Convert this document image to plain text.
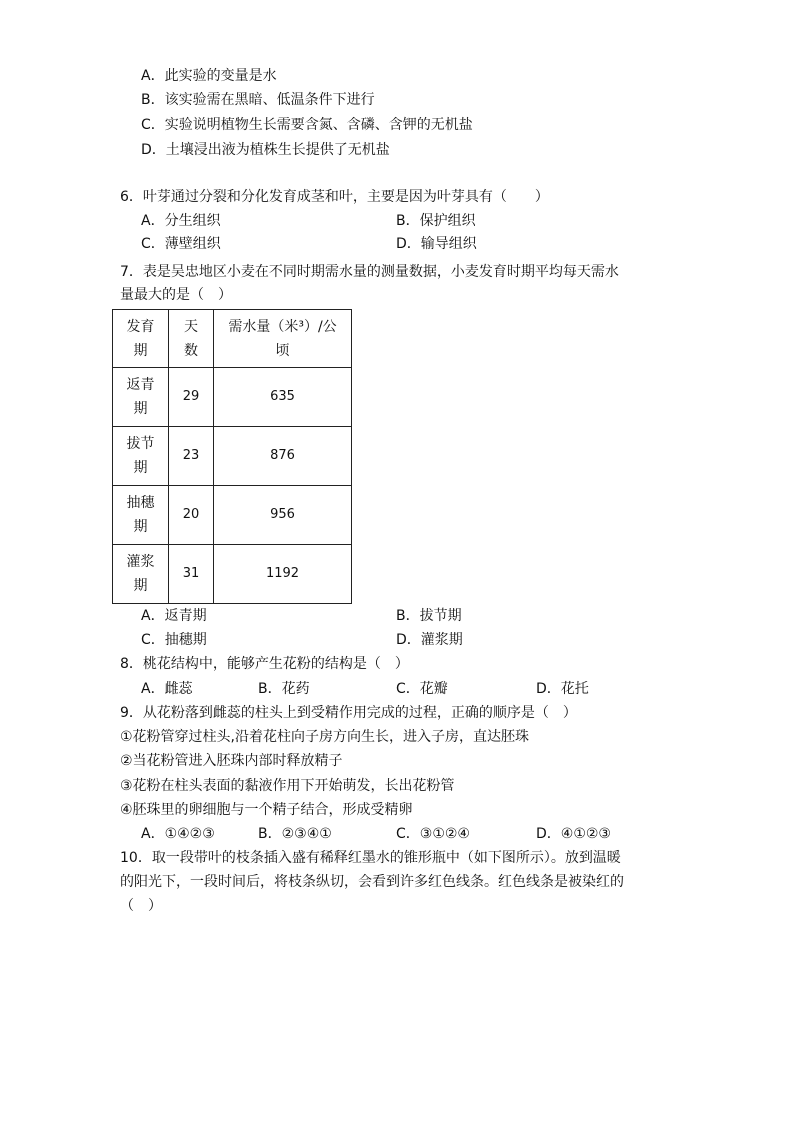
A．此实验的变量是水
B．该实验需在黑暗、低温条件下进行
C．实验说明植物生长需要含氮、含磷、含钾的无机盐
D．土壤浸出液为植株生长提供了无机盐
6．叶芽通过分裂和分化发育成茎和叶，主要是因为叶芽具有（　　）
A．分生组织	B．保护组织
C．薄壁组织	D．输导组织
7．表是吴忠地区小麦在不同时期需水量的测量数据，小麦发育时期平均每天需水
量最大的是（　）
发育期	天数	需水量（米³）/公顷
返青期	29	635
拔节期	23	876
抽穗期	20	956
灌浆期	31	1192
A．返青期	B．拔节期
C．抽穗期	D．灌浆期
8．桃花结构中，能够产生花粉的结构是（　）
A．雌蕊	B．花药	C．花瓣	D．花托
9．从花粉落到雌蕊的柱头上到受精作用完成的过程，正确的顺序是（　）
①花粉管穿过柱头,沿着花柱向子房方向生长，进入子房，直达胚珠
②当花粉管进入胚珠内部时释放精子
③花粉在柱头表面的黏液作用下开始萌发，长出花粉管
④胚珠里的卵细胞与一个精子结合，形成受精卵
A．①④②③	B．②③④①	C．③①②④	D．④①②③
10．取一段带叶的枝条插入盛有稀释红墨水的锥形瓶中（如下图所示）。放到温暖
的阳光下，一段时间后，将枝条纵切，会看到许多红色线条。红色线条是被染红的
（　）
